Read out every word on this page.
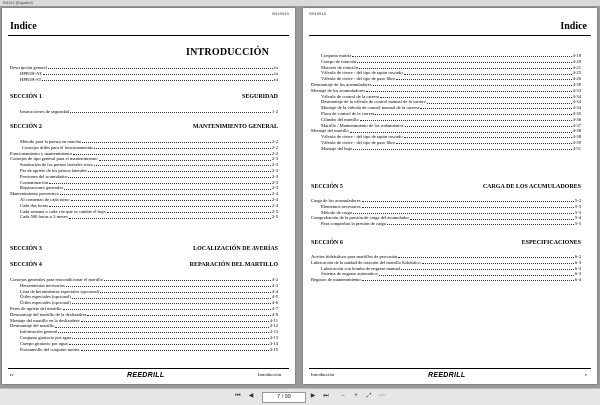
R4119 (Español)
SH1591S
Indice
INTRODUCCIÓN
Descripción general	iii
HPR1H-AT	iii
HPR1H-ST	iii
SECCIÓN 1	SEGURIDAD
Instrucciones de seguridad	1-2
SECCIÓN 2	MANTENIMIENTO GENERAL
Método para la puesta en marcha	2-2
Consejos útiles para el funcionamiento	2-2
Funcionamiento y mantenimiento	2-2
Consejos de tipo general para el mantenimiento	2-3
Sustitución de los pernos laterales rotos	2-3
Par de apriete de los pernos laterales	2-3
Presiones del acumulador	2-3
Contaminación	2-3
Reparaciones generales	2-3
Mantenimiento preventivo	2-4
Al comienzo de cada turno	2-4
Cada dos horas	2-4
Cada semana o cada vez que se cambie el buje	2-5
Cada 500 horas o 3 meses	2-5
SECCIÓN 3	LOCALIZACIÓN DE AVERÍAS
SECCIÓN 4	REPARACIÓN DEL MARTILLO
Consejos generales para reacondicionar el martillo	4-2
Herramientas necesarias	4-3
Lista de herramientas especiales (opcional)	4-4
Útiles especiales (opcional)	4-5
Útiles especiales (opcional)	4-6
Pares de apriete del martillo	4-7
Desmontaje del martillo de la deslizadera	4-8
Montaje del martillo en la deslizadera	4-11
Desmontaje del martillo	4-12
Información general	4-13
Conjunto giratorio por agua	4-13
Cuerpo giratorio por agua	4-14
Portaanvillo del conjunto motriz	4-15
iv	REEDRILL	Introducción
SH1591S
Indice
Conjunto motriz	4-18
Cuerpo de rotación	4-20
Motores de rotación	4-21
Válvula de cierre - del tipo de tapón roscado	4-25
Válvula de cierre - del tipo de paso libre	4-26
Desmontaje de los acumuladores	4-30
Montaje de los acumuladores	4-33
Válvula de control de la carrera	4-34
Desmontaje de la válvula de control manual de la carrera	4-34
Montaje de la válvula de control manual de la carrera	4-34
Placa de control de la carrera	4-35
Cilindro del martillo	4-36
Martillo / Mantenimiento de los rodamientos	4-37
Montaje del martillo	4-38
Válvula de cierre - del tipo de tapón roscado	4-38
Válvula de cierre - del tipo de paso libre	4-39
Montaje del buje	4-51
SECCIÓN 5	CARGA DE LOS ACUMULADORES
Carga de los acumuladores	5-2
Elementos necesarios	5-3
Método de carga	5-3
Comprobación de la presión de carga del acumulador	5-4
Para comprobar la presión de carga	5-5
SECCIÓN 6	ESPECIFICACIONES
Aceites hidráulicos para martillos de percusión	6-2
Lubricación de la unidad de rotación del martillo hidráulico	6-3
Lubricación con bomba de engrase manual	6-3
Sistema de engrase automático	6-3
Registro de mantenimiento	6-4
Introducción	REEDRILL	v
⏮	◀	7 / 99	▶	⏭	−	+	⤢	⋯
